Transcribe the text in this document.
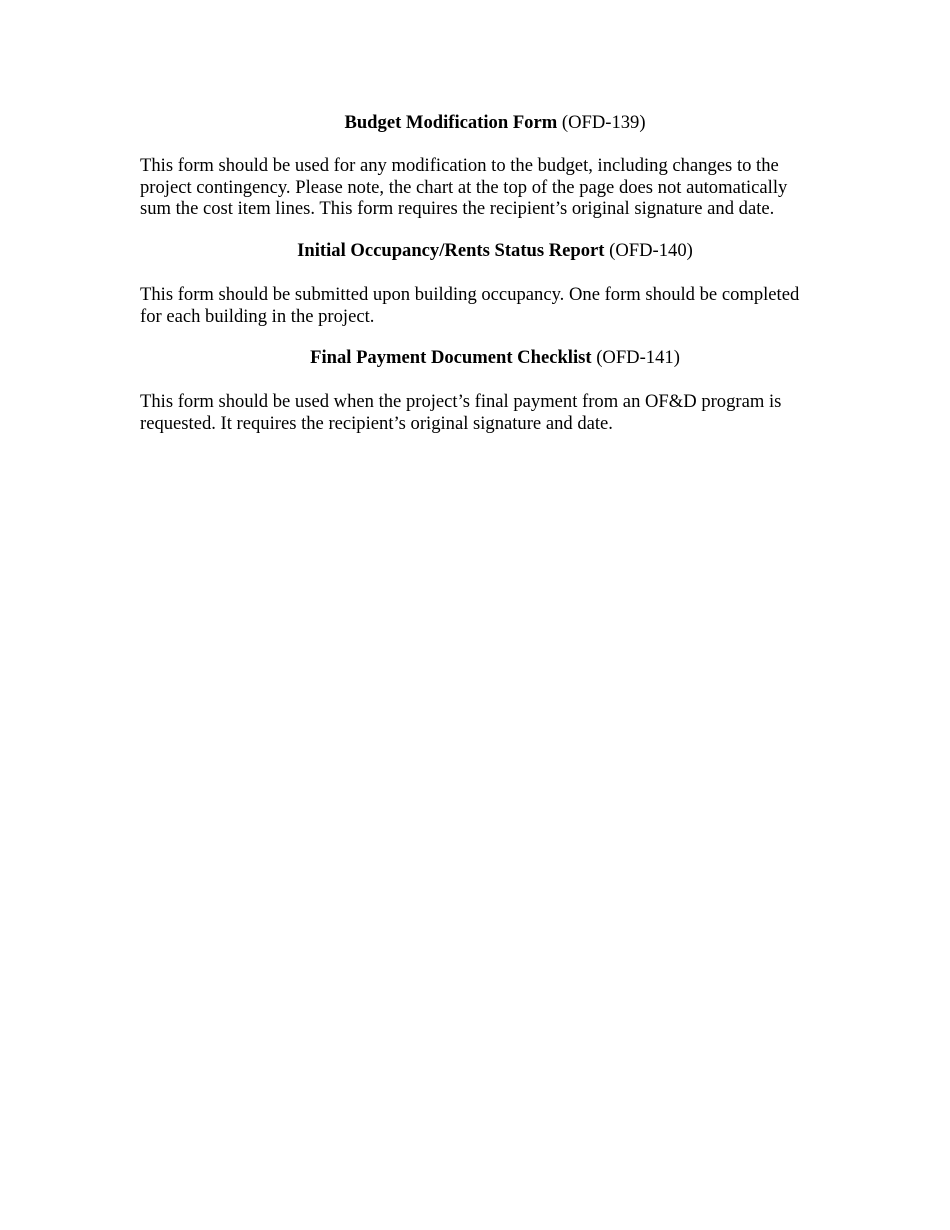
Budget Modification Form (OFD-139)

This form should be used for any modification to the budget, including changes to the
project contingency. Please note, the chart at the top of the page does not automatically
sum the cost item lines. This form requires the recipient’s original signature and date.

Initial Occupancy/Rents Status Report (OFD-140)

This form should be submitted upon building occupancy. One form should be completed
for each building in the project.

Final Payment Document Checklist (OFD-141)

This form should be used when the project’s final payment from an OF&D program is
requested. It requires the recipient’s original signature and date.
